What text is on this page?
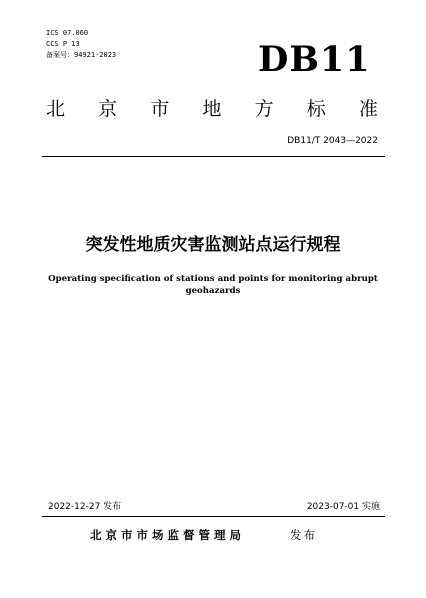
ICS 07.060
CCS P 13
备案号：94921-2023	DB11
北 京 市 地 方 标 准
DB11/T 2043—2022
突发性地质灾害监测站点运行规程
Operating specification of stations and points for monitoring abrupt
geohazards
2022-12-27 发布	2023-07-01 实施
北京市市场监督管理局	发布
